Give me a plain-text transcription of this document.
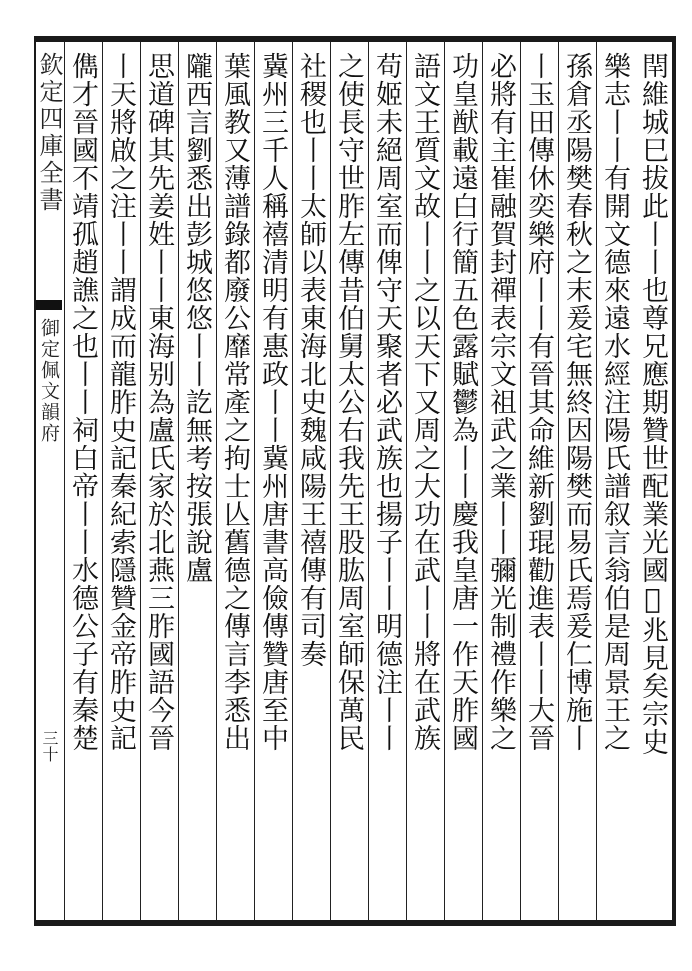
欽定四庫全書
御定佩文韻府
三十	閈維城巳拔此丨丨也尊兄應期贊世配業光國𩲸兆見矣宗史
樂志丨丨有開文德來遠水經注陽氏譜叙言翁伯是周景王之
孫倉丞陽樊春秋之末爰宅無終因陽樊而易氏焉爰仁博施丨
丨玉田傳休奕樂府丨丨有晉其命維新劉琨勸進表丨丨大晉
必將有主崔融賀封禪表宗文祖武之業丨丨彌光制禮作樂之
功皇猷載遠白行簡五色露賦鬱為丨丨慶我皇唐一作天胙國
語文王質文故丨丨之以天下又周之大功在武丨丨將在武族
苟姬未絕周室而俾守天聚者必武族也揚子丨丨明德注丨丨
之使長守世胙左傳昔伯舅太公右我先王股肱周室師保萬民
社稷也丨丨太師以表東海北史魏咸陽王禧傳有司奏
冀州三千人稱禧清明有惠政丨丨冀州唐書高儉傳贊唐至中
葉風教又薄譜錄都廢公靡常產之拘士亾舊德之傳言李悉出
隴西言劉悉出彭城悠悠丨丨訖無考按張說盧
思道碑其先姜姓丨丨東海别為盧氏家於北燕三胙國語今晉
丨天將啟之注丨丨謂成而龍胙史記秦紀索隱贊金帝胙史記
儁才晉國不靖孤趙譙之也丨丨祠白帝丨丨水德公子有秦楚
